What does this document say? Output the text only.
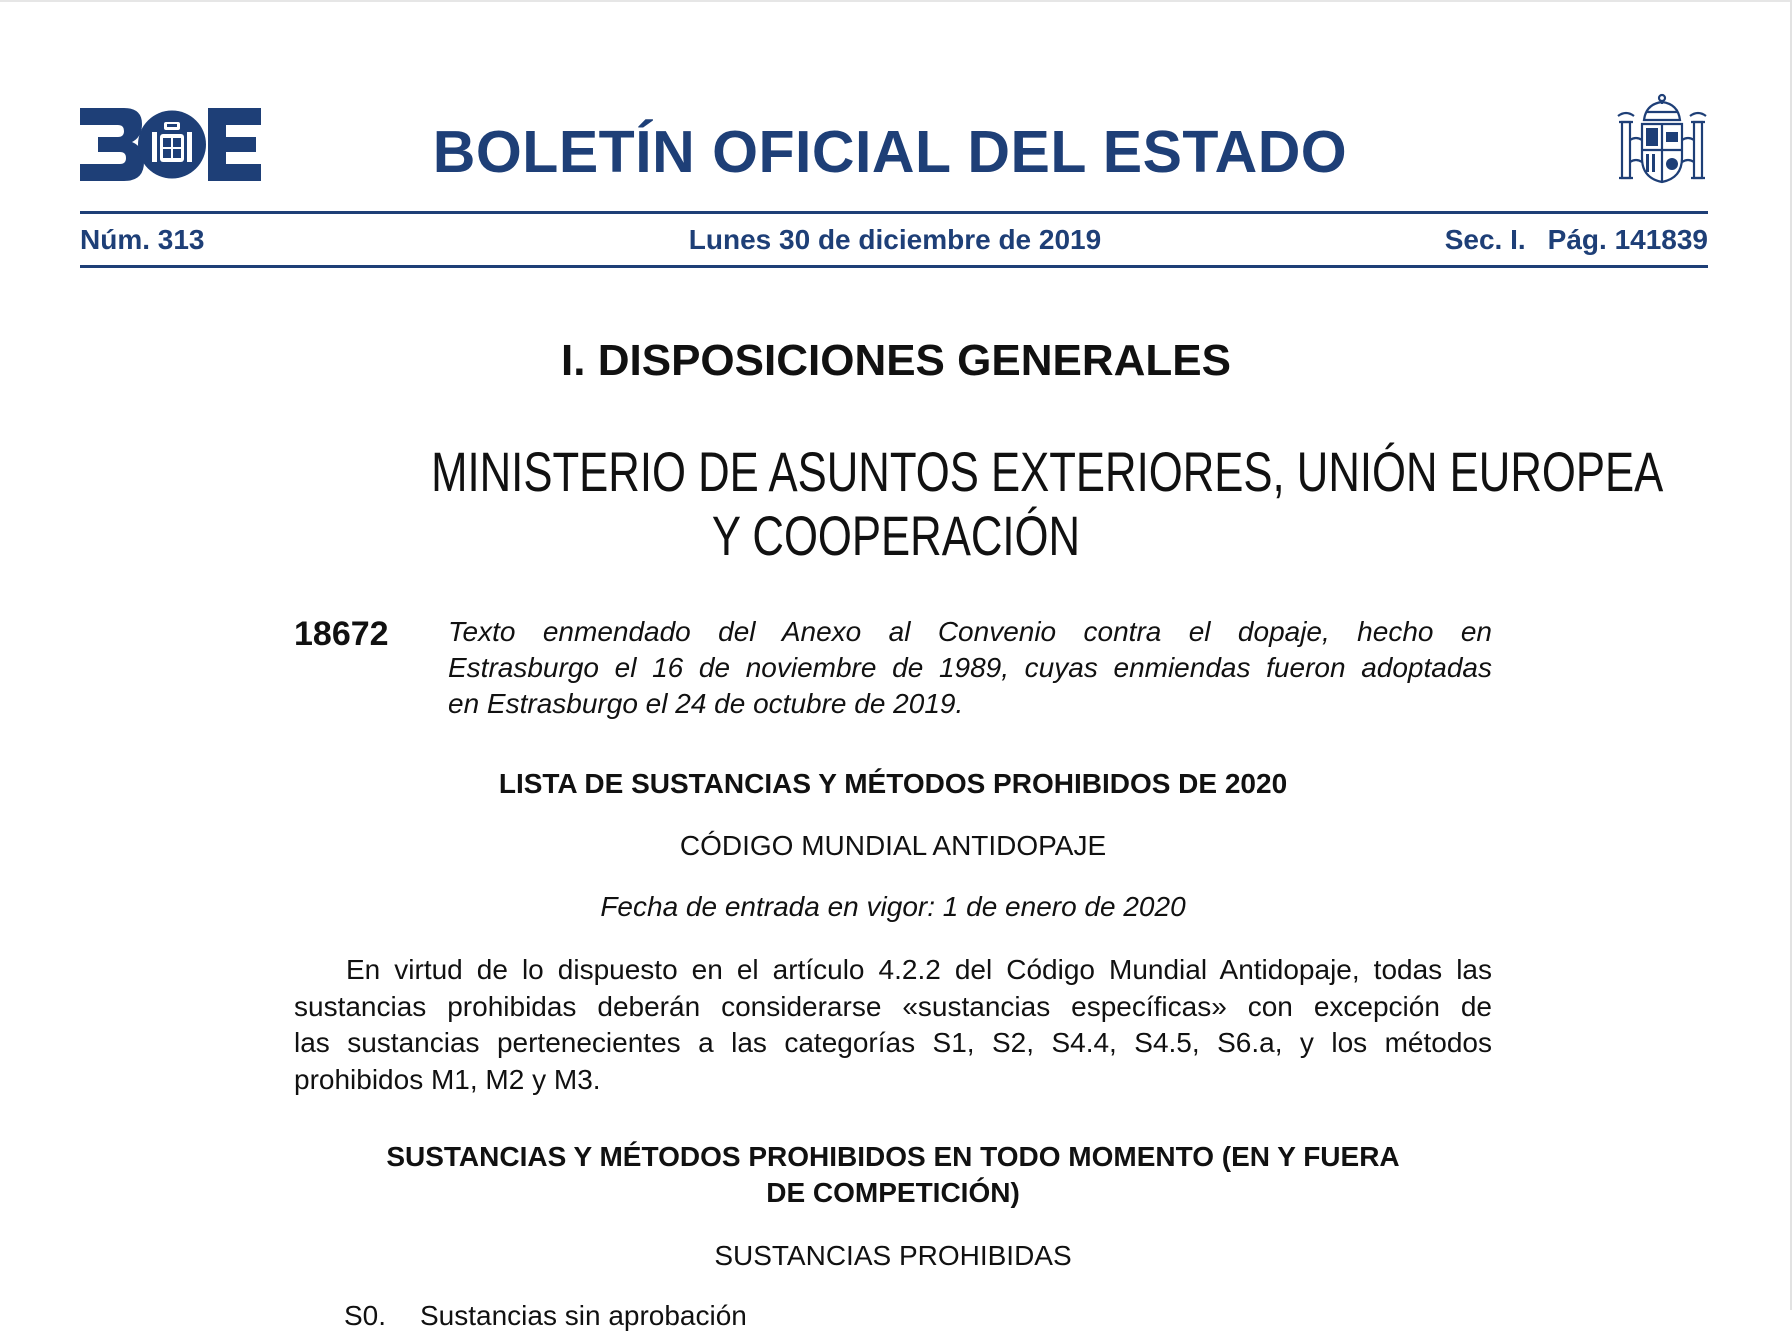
BOLETÍN OFICIAL DEL ESTADO
Núm. 313	Lunes 30 de diciembre de 2019	Sec. I. Pág. 141839
I. DISPOSICIONES GENERALES
MINISTERIO DE ASUNTOS EXTERIORES, UNIÓN EUROPEA
Y COOPERACIÓN
18672 Texto enmendado del Anexo al Convenio contra el dopaje, hecho en
Estrasburgo el 16 de noviembre de 1989, cuyas enmiendas fueron adoptadas
en Estrasburgo el 24 de octubre de 2019.
LISTA DE SUSTANCIAS Y MÉTODOS PROHIBIDOS DE 2020
CÓDIGO MUNDIAL ANTIDOPAJE
Fecha de entrada en vigor: 1 de enero de 2020
En virtud de lo dispuesto en el artículo 4.2.2 del Código Mundial Antidopaje, todas las
sustancias prohibidas deberán considerarse «sustancias específicas» con excepción de
las sustancias pertenecientes a las categorías S1, S2, S4.4, S4.5, S6.a, y los métodos
prohibidos M1, M2 y M3.
SUSTANCIAS Y MÉTODOS PROHIBIDOS EN TODO MOMENTO (EN Y FUERA
DE COMPETICIÓN)
SUSTANCIAS PROHIBIDAS
S0. Sustancias sin aprobación
